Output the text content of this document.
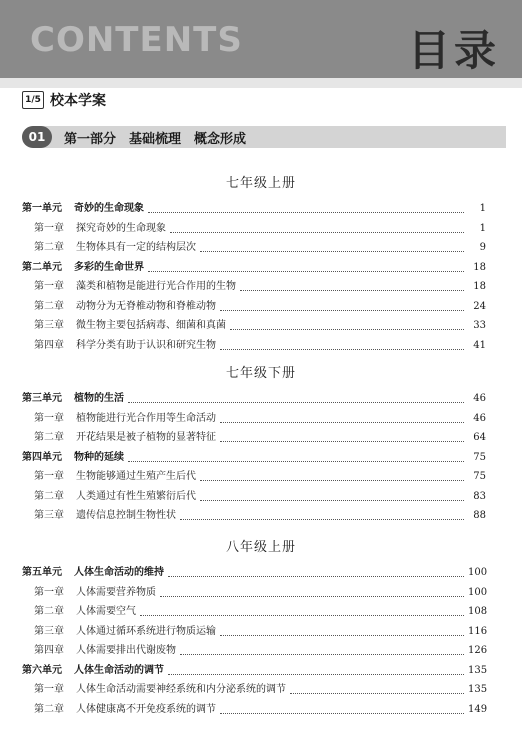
CONTENTS	目录
1/5 校本学案
01	第一部分　基础梳理　概念形成
七年级上册
第一单元 奇妙的生命现象	1
第一章 探究奇妙的生命现象	1
第二章 生物体具有一定的结构层次	9
第二单元 多彩的生命世界	18
第一章 藻类和植物是能进行光合作用的生物	18
第二章 动物分为无脊椎动物和脊椎动物	24
第三章 微生物主要包括病毒、细菌和真菌	33
第四章 科学分类有助于认识和研究生物	41
七年级下册
第三单元 植物的生活	46
第一章 植物能进行光合作用等生命活动	46
第二章 开花结果是被子植物的显著特征	64
第四单元 物种的延续	75
第一章 生物能够通过生殖产生后代	75
第二章 人类通过有性生殖繁衍后代	83
第三章 遗传信息控制生物性状	88
八年级上册
第五单元 人体生命活动的维持	100
第一章 人体需要营养物质	100
第二章 人体需要空气	108
第三章 人体通过循环系统进行物质运输	116
第四章 人体需要排出代谢废物	126
第六单元 人体生命活动的调节	135
第一章 人体生命活动需要神经系统和内分泌系统的调节	135
第二章 人体健康离不开免疫系统的调节	149
